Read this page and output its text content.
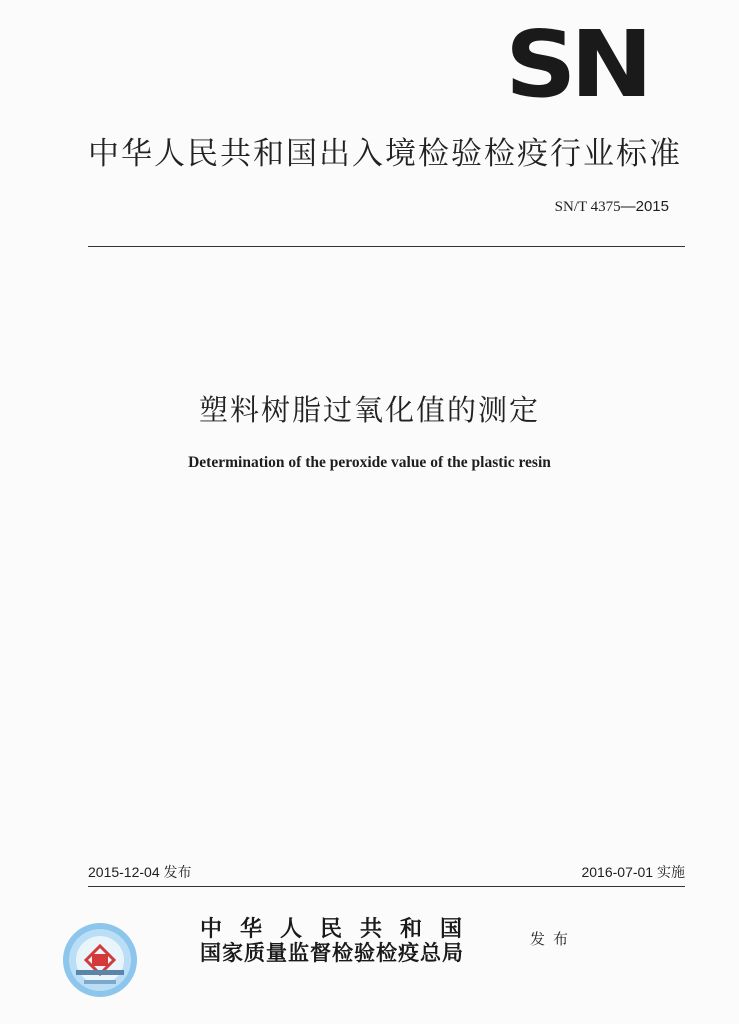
SN
中华人民共和国出入境检验检疫行业标准
SN/T 4375—2015
塑料树脂过氧化值的测定
Determination of the peroxide value of the plastic resin
2015-12-04 发布	2016-07-01 实施
中华人民共和国
国家质量监督检验检疫总局
发布
